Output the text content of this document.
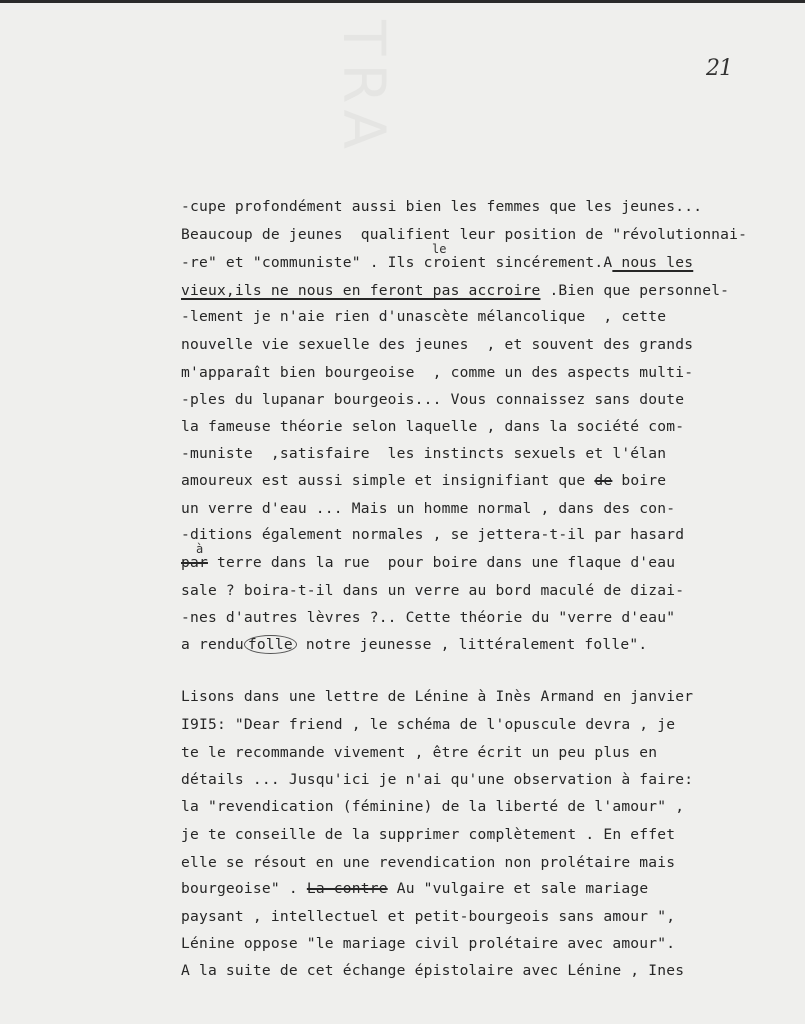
21
-cupe profondément aussi bien les femmes que les jeunes...
Beaucoup de jeunes  qualifient leur position de "révolutionnai-
-re" et "communiste" . Ils croient sincérement.A nous les
le
vieux,ils ne nous en feront pas accroire .Bien que personnel-
-lement je n'aie rien d'unascète mélancolique  , cette
nouvelle vie sexuelle des jeunes  , et souvent des grands
m'apparaît bien bourgeoise  , comme un des aspects multi-
-ples du lupanar bourgeois... Vous connaissez sans doute
la fameuse théorie selon laquelle , dans la société com-
-muniste  ,satisfaire  les instincts sexuels et l'élan
amoureux est aussi simple et insignifiant que de boire
un verre d'eau ... Mais un homme normal , dans des con-
-ditions également normales , se jettera-t-il par hasard
par terre dans la rue  pour boire dans une flaque d'eau
à
sale ? boira-t-il dans un verre au bord maculé de dizai-
-nes d'autres lèvres ?.. Cette théorie du "verre d'eau"
a rendu folle notre jeunesse , littéralement folle".
Lisons dans une lettre de Lénine à Inès Armand en janvier
I9I5: "Dear friend , le schéma de l'opuscule devra , je
te le recommande vivement , être écrit un peu plus en
détails ... Jusqu'ici je n'ai qu'une observation à faire:
la "revendication (féminine) de la liberté de l'amour" ,
je te conseille de la supprimer complètement . En effet
elle se résout en une revendication non prolétaire mais
bourgeoise" . La contre Au "vulgaire et sale mariage
paysant , intellectuel et petit-bourgeois sans amour ",
Lénine oppose "le mariage civil prolétaire avec amour".
A la suite de cet échange épistolaire avec Lénine , Ines
